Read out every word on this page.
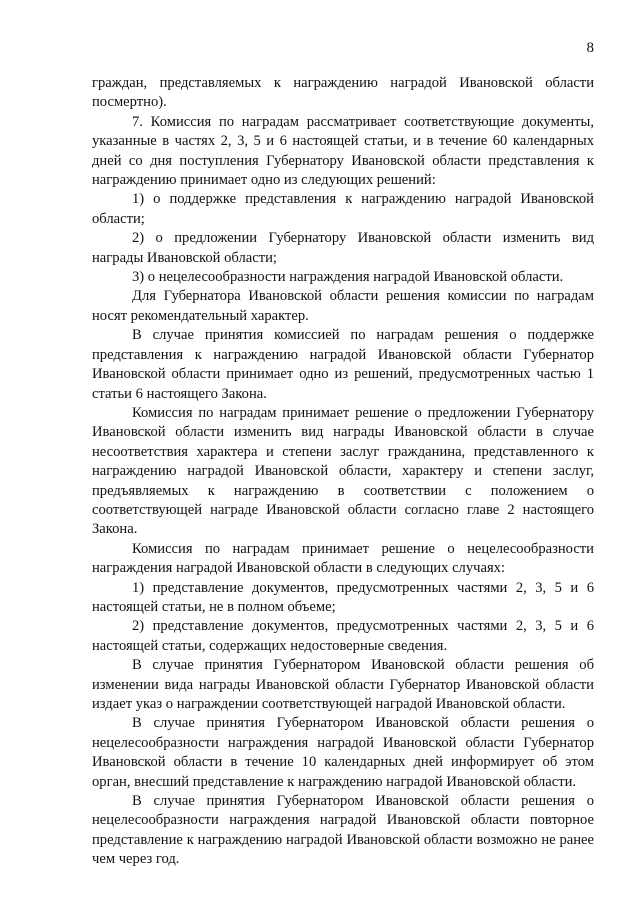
8

граждан, представляемых к награждению наградой Ивановской области посмертно).

7. Комиссия по наградам рассматривает соответствующие документы, указанные в частях 2, 3, 5 и 6 настоящей статьи, и в течение 60 календарных дней со дня поступления Губернатору Ивановской области представления к награждению принимает одно из следующих решений:

1) о поддержке представления к награждению наградой Ивановской области;

2) о предложении Губернатору Ивановской области изменить вид награды Ивановской области;

3) о нецелесообразности награждения наградой Ивановской области.

Для Губернатора Ивановской области решения комиссии по наградам носят рекомендательный характер.

В случае принятия комиссией по наградам решения о поддержке представления к награждению наградой Ивановской области Губернатор Ивановской области принимает одно из решений, предусмотренных частью 1 статьи 6 настоящего Закона.

Комиссия по наградам принимает решение о предложении Губернатору Ивановской области изменить вид награды Ивановской области в случае несоответствия характера и степени заслуг гражданина, представленного к награждению наградой Ивановской области, характеру и степени заслуг, предъявляемых к награждению в соответствии с положением о соответствующей награде Ивановской области согласно главе 2 настоящего Закона.

Комиссия по наградам принимает решение о нецелесообразности награждения наградой Ивановской области в следующих случаях:

1) представление документов, предусмотренных частями 2, 3, 5 и 6 настоящей статьи, не в полном объеме;

2) представление документов, предусмотренных частями 2, 3, 5 и 6 настоящей статьи, содержащих недостоверные сведения.

В случае принятия Губернатором Ивановской области решения об изменении вида награды Ивановской области Губернатор Ивановской области издает указ о награждении соответствующей наградой Ивановской области.

В случае принятия Губернатором Ивановской области решения о нецелесообразности награждения наградой Ивановской области Губернатор Ивановской области в течение 10 календарных дней информирует об этом орган, внесший представление к награждению наградой Ивановской области.

В случае принятия Губернатором Ивановской области решения о нецелесообразности награждения наградой Ивановской области повторное представление к награждению наградой Ивановской области возможно не ранее чем через год.
